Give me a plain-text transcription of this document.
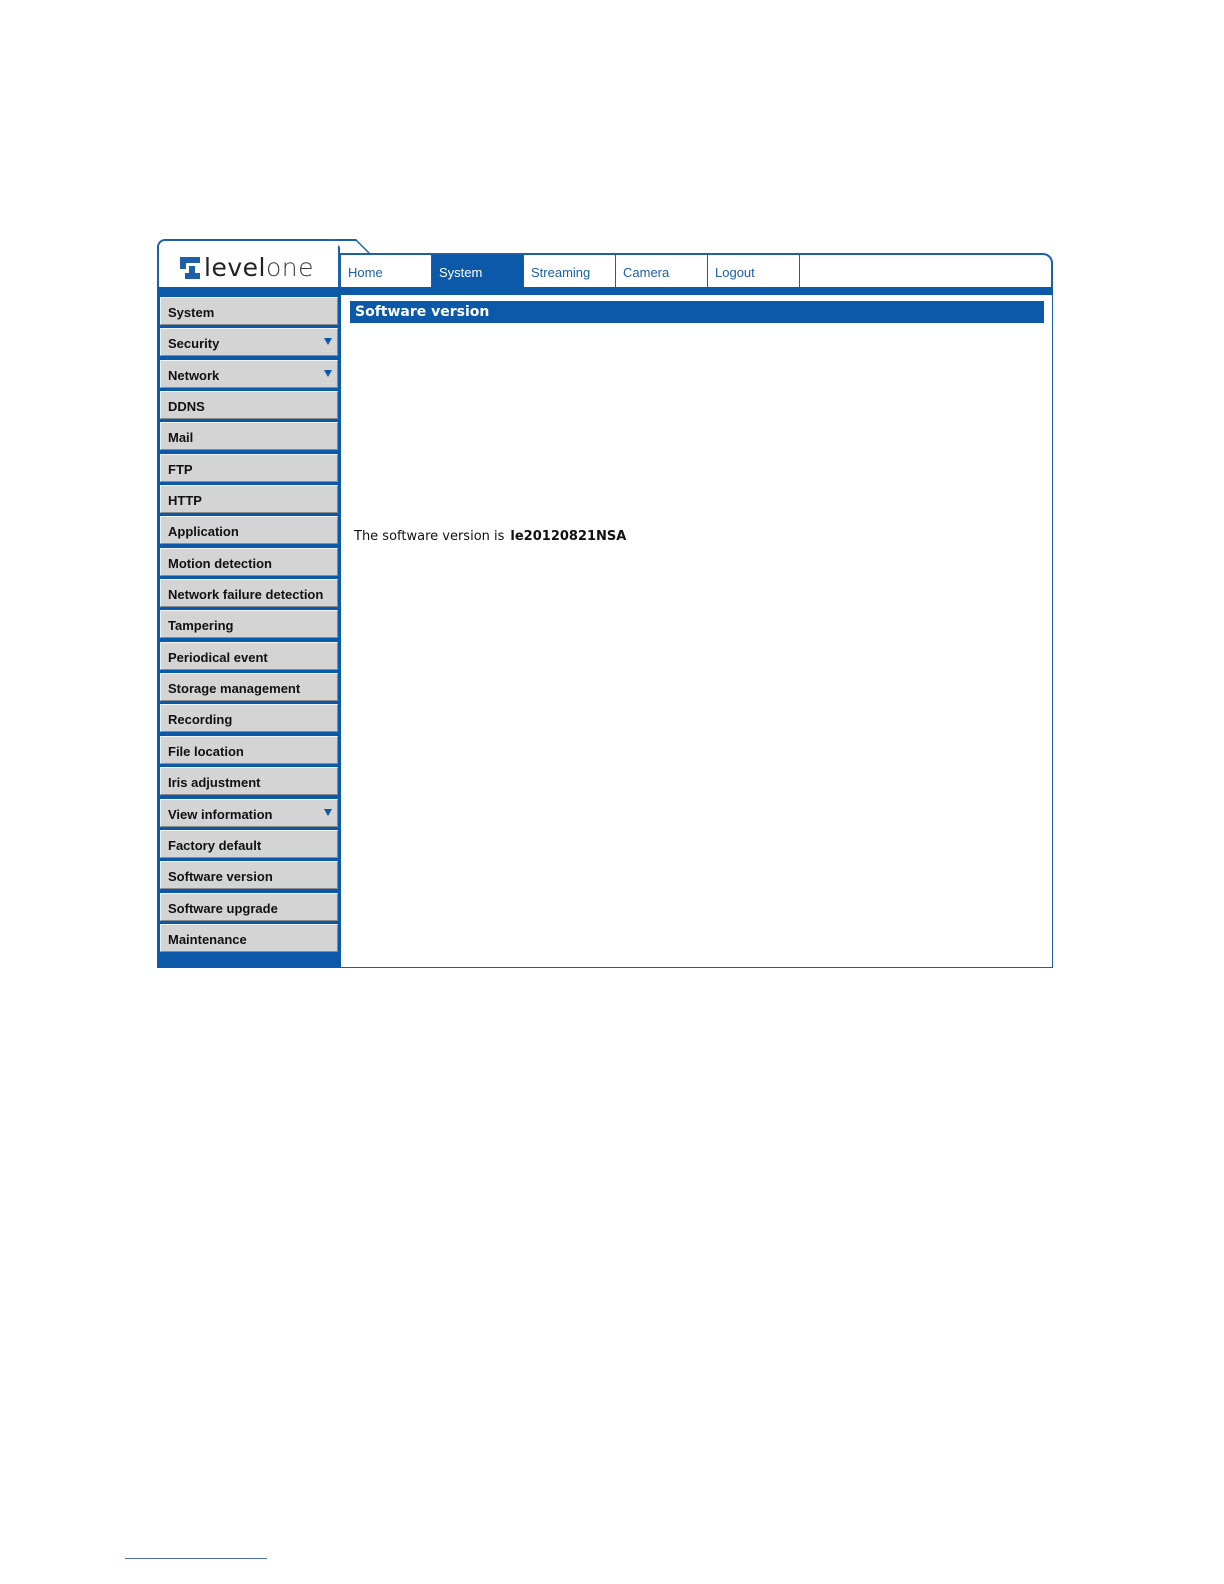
levelone	Home	System	Streaming	Camera	Logout
System
Security
Network
DDNS
Mail
FTP
HTTP
Application
Motion detection
Network failure detection
Tampering
Periodical event
Storage management
Recording
File location
Iris adjustment
View information
Factory default
Software version
Software upgrade
Maintenance
Software version
The software version is le20120821NSA
